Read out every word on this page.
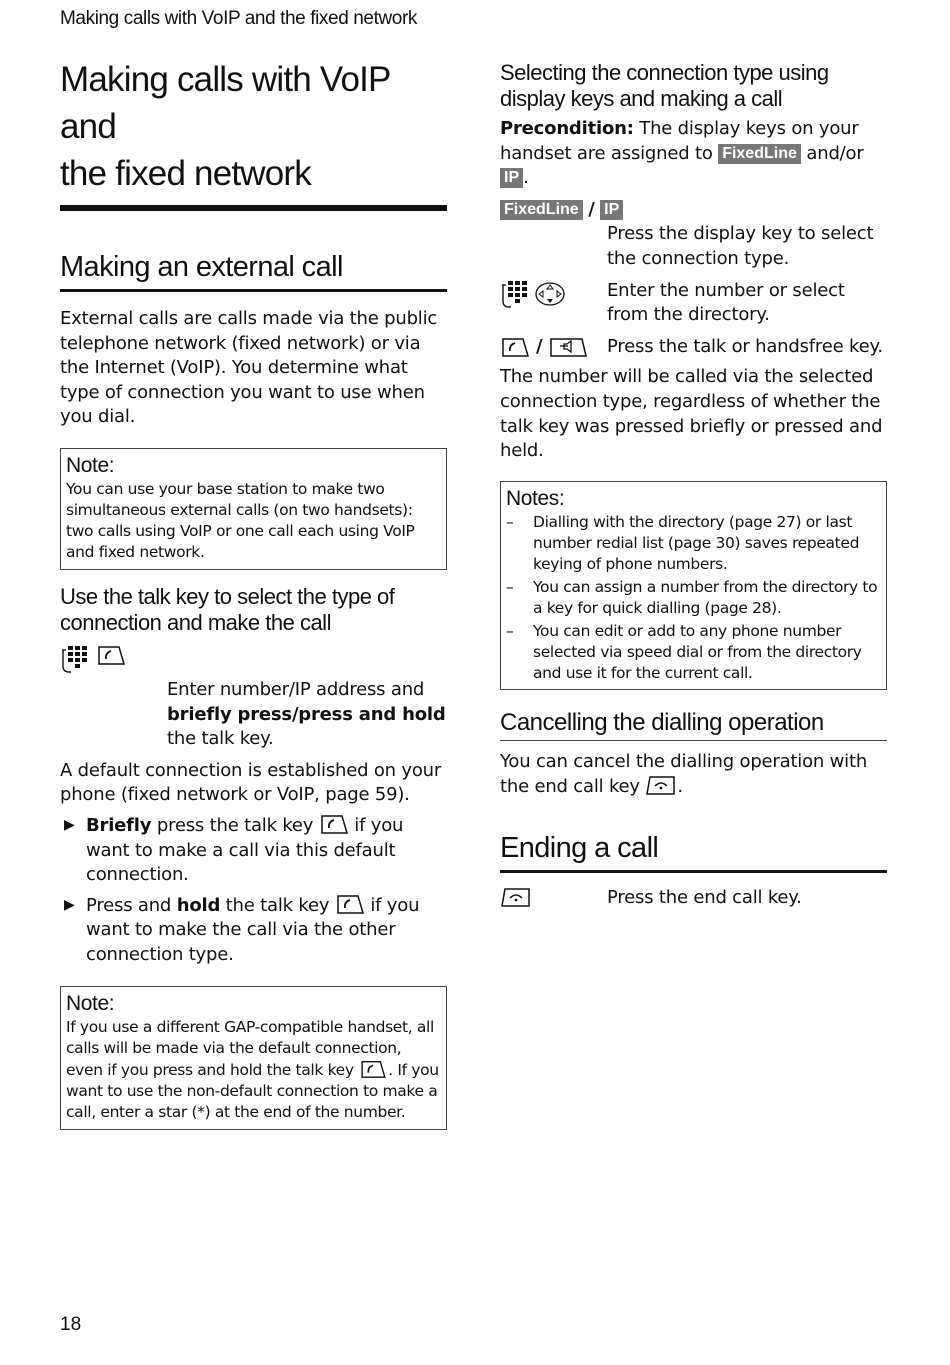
Making calls with VoIP and the fixed network
Making calls with VoIP and
the fixed network
Making an external call

External calls are calls made via the public telephone network (fixed network) or via the Internet (VoIP). You determine what type of connection you want to use when you dial.

Note:
You can use your base station to make two simultaneous external calls (on two handsets): two calls using VoIP or one call each using VoIP and fixed network.
Use the talk key to select the type of
connection and make the call

Enter number/IP address and briefly press/press and hold the talk key.

A default connection is established on your phone (fixed network or VoIP, page 59).

▶ Briefly press the talk key if you want to make a call via this default connection.
▶ Press and hold the talk key if you want to make the call via the other connection type.
Note:
If you use a different GAP-compatible handset, all calls will be made via the default connection, even if you press and hold the talk key . If you want to use the non-default connection to make a call, enter a star (*) at the end of the number.
Selecting the connection type using
display keys and making a call

Precondition: The display keys on your handset are assigned to FixedLine and/or IP .

FixedLine / IP

Press the display key to select the connection type.

Enter the number or select from the directory.
/	Press the talk or handsfree key.

The number will be called via the selected connection type, regardless of whether the talk key was pressed briefly or pressed and held.

Notes:
–	Dialling with the directory (page 27) or last number redial list (page 30) saves repeated keying of phone numbers.
–	You can assign a number from the directory to a key for quick dialling (page 28).
–	You can edit or add to any phone number selected via speed dial or from the directory and use it for the current call.
Cancelling the dialling operation

You can cancel the dialling operation with the end call key .

Ending a call
Press the end call key.
18
